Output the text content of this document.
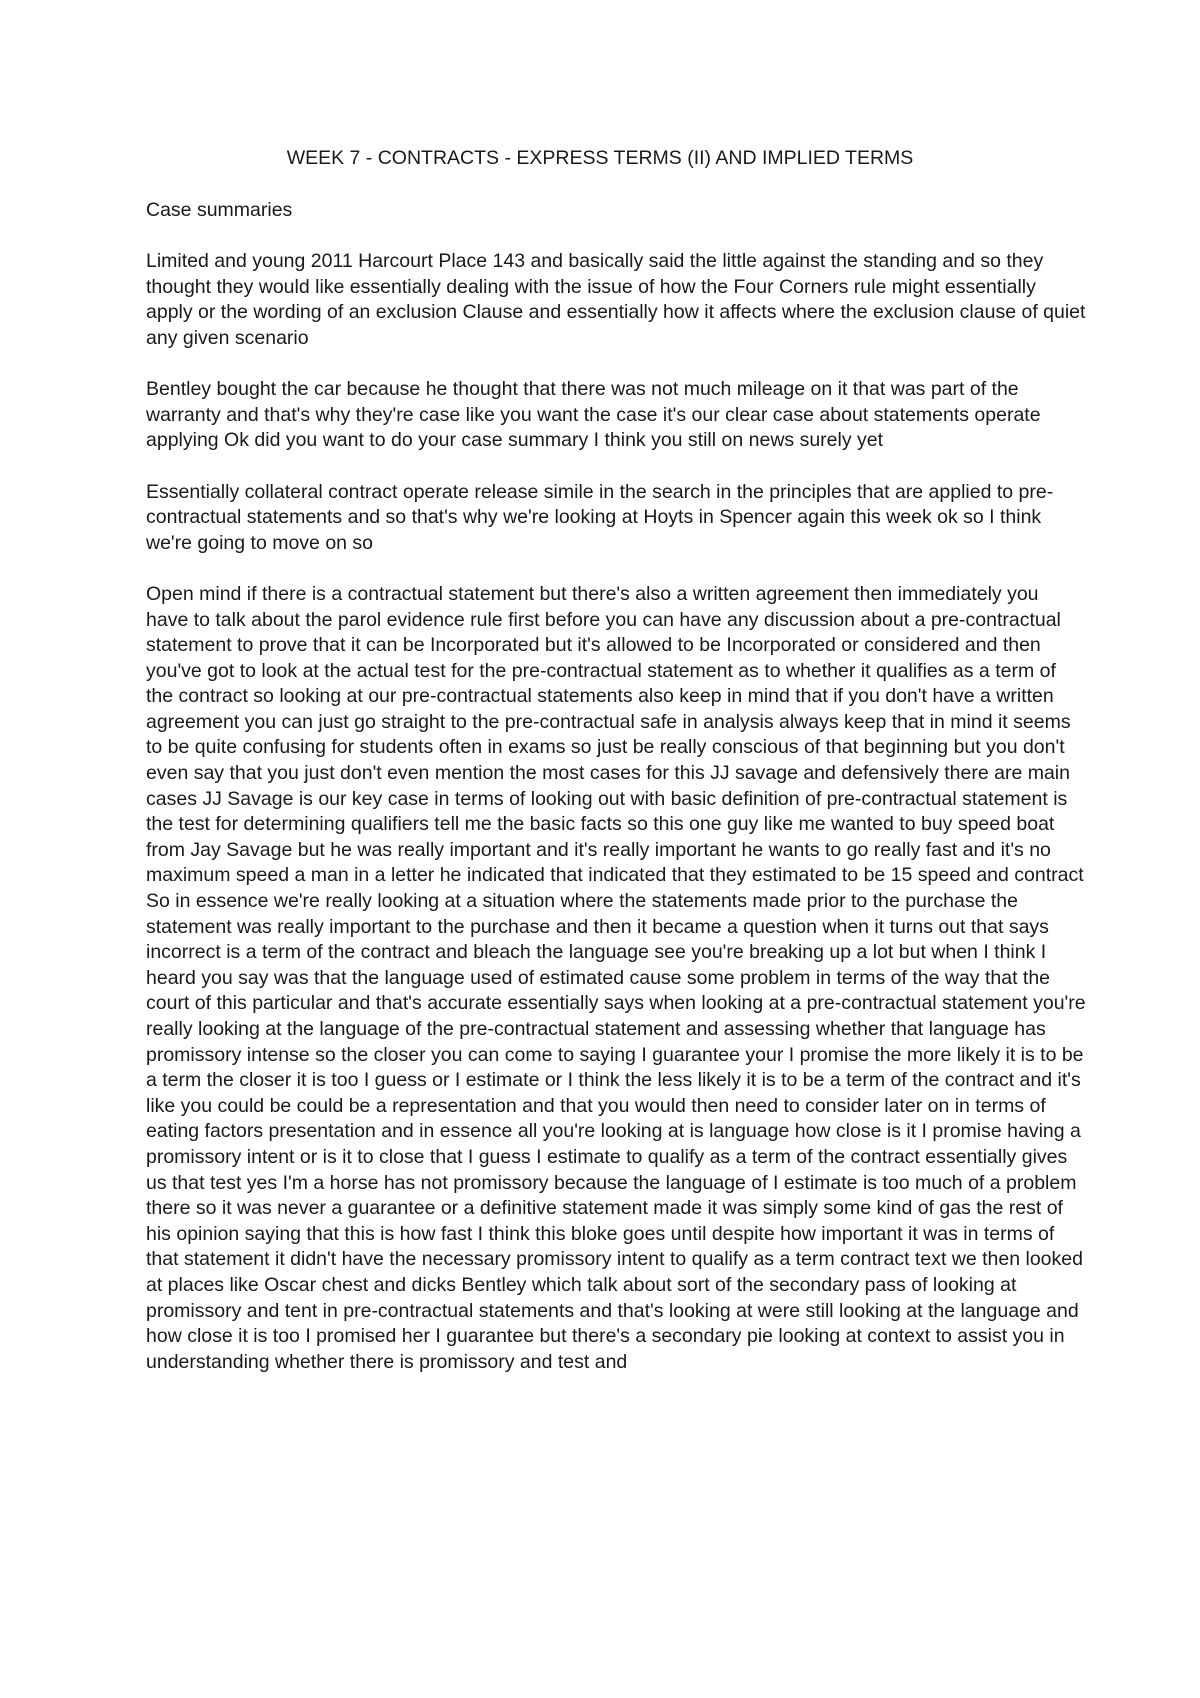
WEEK 7 - CONTRACTS - EXPRESS TERMS (II) AND IMPLIED TERMS

Case summaries

Limited and young 2011 Harcourt Place 143 and basically said the little against the standing and so they thought they would like essentially dealing with the issue of how the Four Corners rule might essentially apply or the wording of an exclusion Clause and essentially how it affects where the exclusion clause of quiet any given scenario

Bentley bought the car because he thought that there was not much mileage on it that was part of the warranty and that's why they're case like you want the case it's our clear case about statements operate applying Ok did you want to do your case summary I think you still on news surely yet

Essentially collateral contract operate release simile in the search in the principles that are applied to pre-contractual statements and so that's why we're looking at Hoyts in Spencer again this week ok so I think we're going to move on so

Open mind if there is a contractual statement but there's also a written agreement then immediately you have to talk about the parol evidence rule first before you can have any discussion about a pre-contractual statement to prove that it can be Incorporated but it's allowed to be Incorporated or considered and then you've got to look at the actual test for the pre-contractual statement as to whether it qualifies as a term of the contract so looking at our pre-contractual statements also keep in mind that if you don't have a written agreement you can just go straight to the pre-contractual safe in analysis always keep that in mind it seems to be quite confusing for students often in exams so just be really conscious of that beginning but you don't even say that you just don't even mention the most cases for this JJ savage and defensively there are main cases JJ Savage is our key case in terms of looking out with basic definition of pre-contractual statement is the test for determining qualifiers tell me the basic facts so this one guy like me wanted to buy speed boat from Jay Savage but he was really important and it's really important he wants to go really fast and it's no maximum speed a man in a letter he indicated that indicated that they estimated to be 15 speed and contract So in essence we're really looking at a situation where the statements made prior to the purchase the statement was really important to the purchase and then it became a question when it turns out that says incorrect is a term of the contract and bleach the language see you're breaking up a lot but when I think I heard you say was that the language used of estimated cause some problem in terms of the way that the court of this particular and that's accurate essentially says when looking at a pre-contractual statement you're really looking at the language of the pre-contractual statement and assessing whether that language has promissory intense so the closer you can come to saying I guarantee your I promise the more likely it is to be a term the closer it is too I guess or I estimate or I think the less likely it is to be a term of the contract and it's like you could be could be a representation and that you would then need to consider later on in terms of eating factors presentation and in essence all you're looking at is language how close is it I promise having a promissory intent or is it to close that I guess I estimate to qualify as a term of the contract essentially gives us that test yes I'm a horse has not promissory because the language of I estimate is too much of a problem there so it was never a guarantee or a definitive statement made it was simply some kind of gas the rest of his opinion saying that this is how fast I think this bloke goes until despite how important it was in terms of that statement it didn't have the necessary promissory intent to qualify as a term contract text we then looked at places like Oscar chest and dicks Bentley which talk about sort of the secondary pass of looking at promissory and tent in pre-contractual statements and that's looking at were still looking at the language and how close it is too I promised her I guarantee but there's a secondary pie looking at context to assist you in understanding whether there is promissory and test and
